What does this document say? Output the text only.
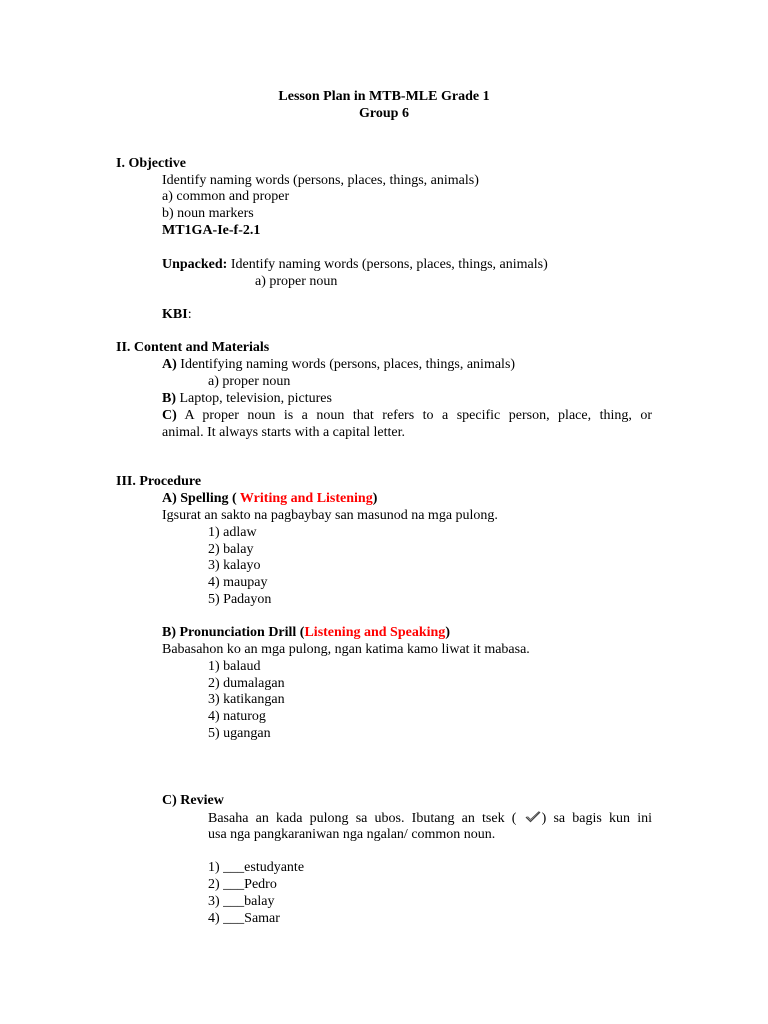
Lesson Plan in MTB-MLE Grade 1
Group 6
I. Objective
Identify naming words (persons, places, things, animals)
a) common and proper
b) noun markers
MT1GA-Ie-f-2.1
Unpacked: Identify naming words (persons, places, things, animals)
a) proper noun
KBI:
II. Content and Materials
A) Identifying naming words (persons, places, things, animals)
a) proper noun
B) Laptop, television, pictures
C) A proper noun is a noun that refers to a specific person, place, thing, or
animal. It always starts with a capital letter.
III. Procedure
A) Spelling ( Writing and Listening)
Igsurat an sakto na pagbaybay san masunod na mga pulong.
1) adlaw
2) balay
3) kalayo
4) maupay
5) Padayon
B) Pronunciation Drill (Listening and Speaking)
Babasahon ko an mga pulong, ngan katima kamo liwat it mabasa.
1) balaud
2) dumalagan
3) katikangan
4) naturog
5) ugangan
C) Review
Basaha an kada pulong sa ubos. Ibutang an tsek ( ) sa bagis kun ini
usa nga pangkaraniwan nga ngalan/ common noun.
1) ___estudyante
2) ___Pedro
3) ___balay
4) ___Samar
